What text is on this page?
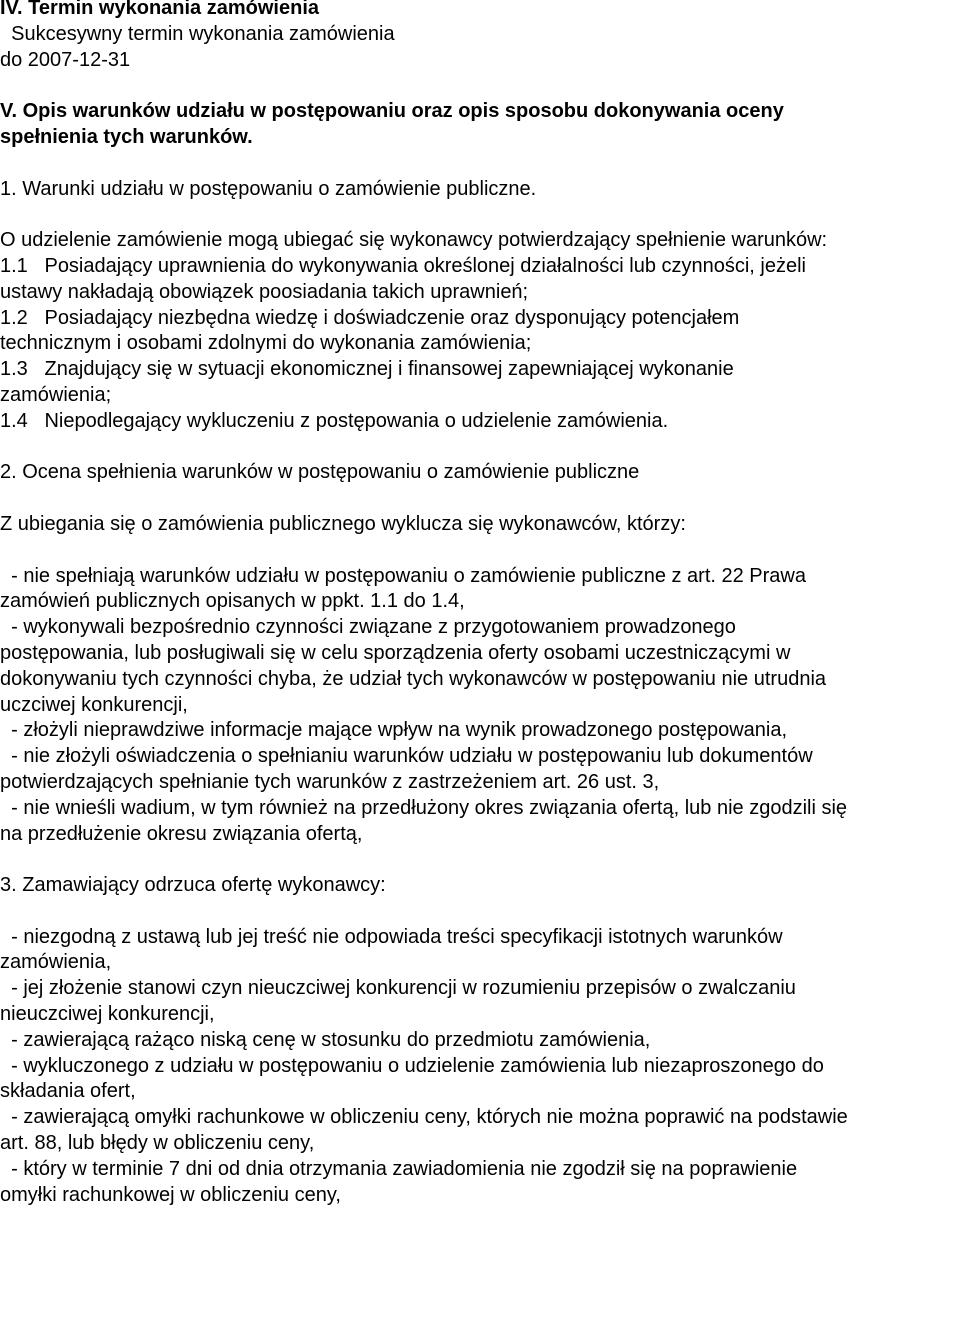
IV. Termin wykonania zamówienia
Sukcesywny termin wykonania zamówienia
do 2007-12-31
V. Opis warunków udziału w postępowaniu oraz opis sposobu dokonywania oceny
spełnienia tych warunków.
1. Warunki udziału w postępowaniu o zamówienie publiczne.
O udzielenie zamówienie mogą ubiegać się wykonawcy potwierdzający spełnienie warunków:
1.1   Posiadający uprawnienia do wykonywania określonej działalności lub czynności, jeżeli
ustawy nakładają obowiązek poosiadania takich uprawnień;
1.2   Posiadający niezbędna wiedzę i doświadczenie oraz dysponujący potencjałem
technicznym i osobami zdolnymi do wykonania zamówienia;
1.3   Znajdujący się w sytuacji ekonomicznej i finansowej zapewniającej wykonanie
zamówienia;
1.4   Niepodlegający wykluczeniu z postępowania o udzielenie zamówienia.
2. Ocena spełnienia warunków w postępowaniu o zamówienie publiczne
Z ubiegania się o zamówienia publicznego wyklucza się wykonawców, którzy:
- nie spełniają warunków udziału w postępowaniu o zamówienie publiczne z art. 22 Prawa
zamówień publicznych opisanych w ppkt. 1.1 do 1.4,
- wykonywali bezpośrednio czynności związane z przygotowaniem prowadzonego
postępowania, lub posługiwali się w celu sporządzenia oferty osobami uczestniczącymi w
dokonywaniu tych czynności chyba, że udział tych wykonawców w postępowaniu nie utrudnia
uczciwej konkurencji,
- złożyli nieprawdziwe informacje mające wpływ na wynik prowadzonego postępowania,
- nie złożyli oświadczenia o spełnianiu warunków udziału w postępowaniu lub dokumentów
potwierdzających spełnianie tych warunków z zastrzeżeniem art. 26 ust. 3,
- nie wnieśli wadium, w tym również na przedłużony okres związania ofertą, lub nie zgodzili się
na przedłużenie okresu związania ofertą,
3. Zamawiający odrzuca ofertę wykonawcy:
- niezgodną z ustawą lub jej treść nie odpowiada treści specyfikacji istotnych warunków
zamówienia,
- jej złożenie stanowi czyn nieuczciwej konkurencji w rozumieniu przepisów o zwalczaniu
nieuczciwej konkurencji,
- zawierającą rażąco niską cenę w stosunku do przedmiotu zamówienia,
- wykluczonego z udziału w postępowaniu o udzielenie zamówienia lub niezaproszonego do
składania ofert,
- zawierającą omyłki rachunkowe w obliczeniu ceny, których nie można poprawić na podstawie
art. 88, lub błędy w obliczeniu ceny,
- który w terminie 7 dni od dnia otrzymania zawiadomienia nie zgodził się na poprawienie
omyłki rachunkowej w obliczeniu ceny,
